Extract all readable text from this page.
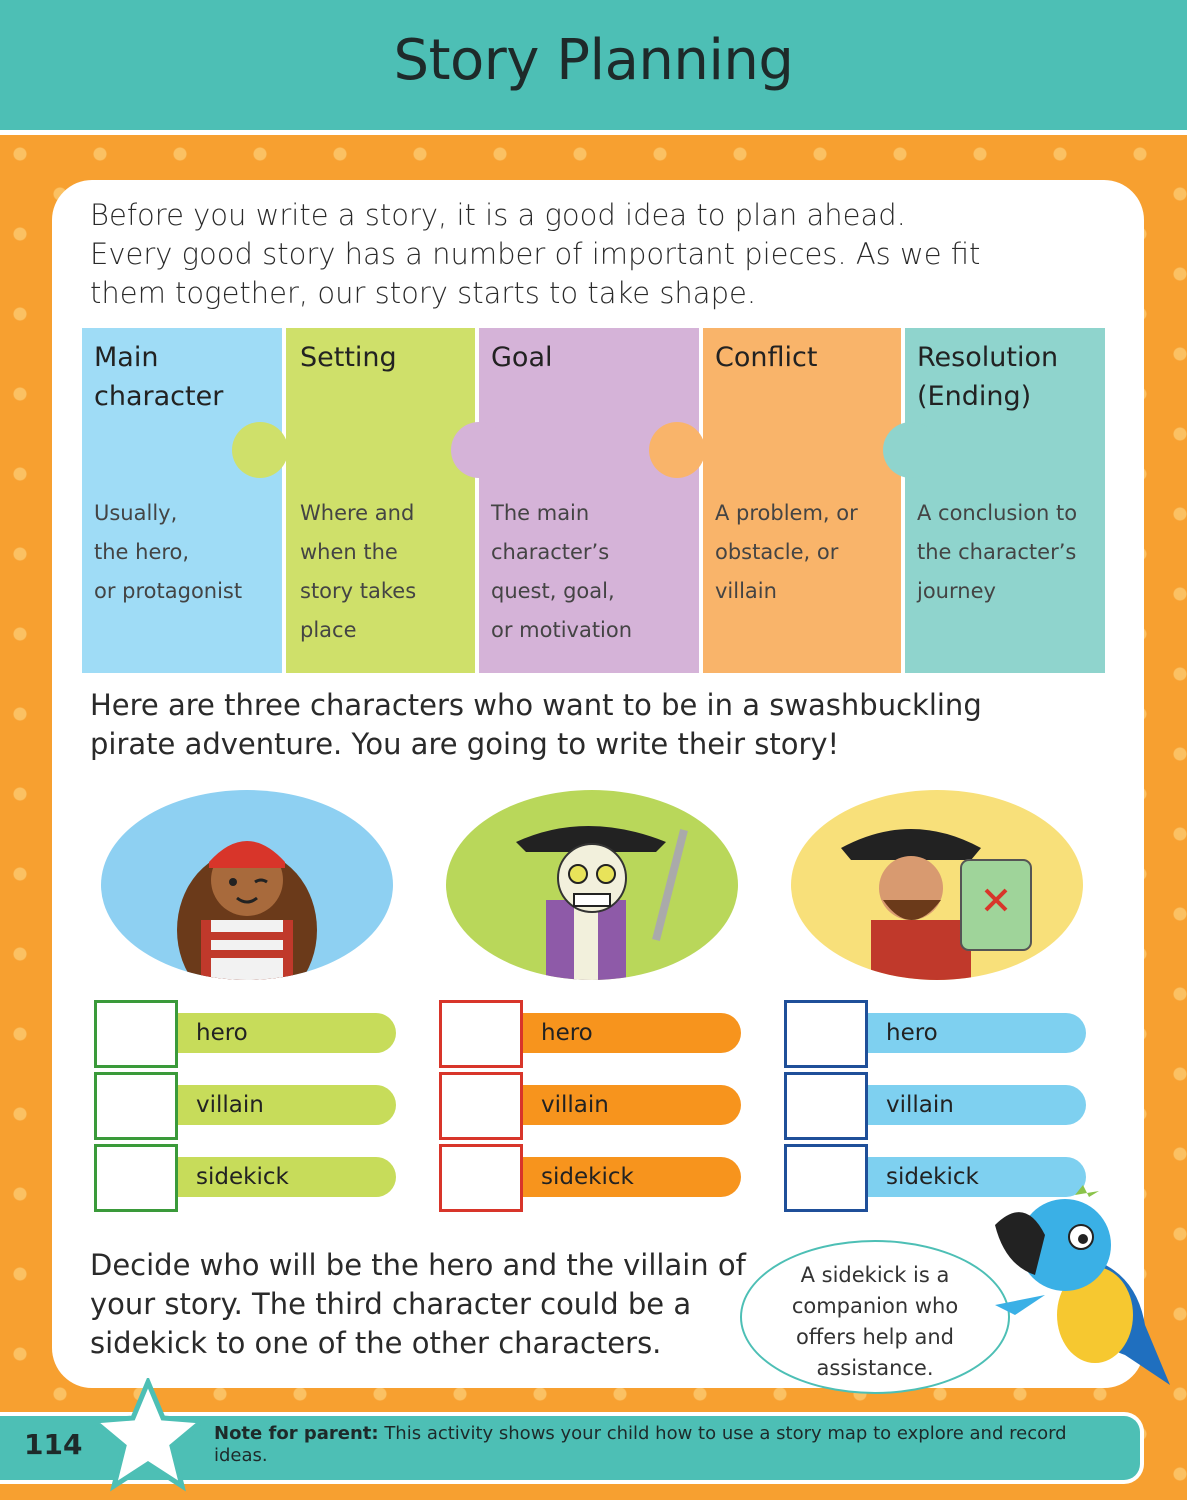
Story Planning
Before you write a story, it is a good idea to plan ahead.
Every good story has a number of important pieces. As we fit
them together, our story starts to take shape.
Main
character
Usually,
the hero,
or protagonist
Setting
Where and
when the
story takes
place
Goal
The main
character’s
quest, goal,
or motivation
Conflict
A problem, or
obstacle, or
villain
Resolution
(Ending)
A conclusion to
the character’s
journey
Here are three characters who want to be in a swashbuckling
pirate adventure. You are going to write their story!
hero
villain
sidekick
hero
villain
sidekick
hero
villain
sidekick
Decide who will be the hero and the villain of
your story. The third character could be a
sidekick to one of the other characters.

A sidekick is a
companion who
offers help and
assistance.

114	Note for parent: This activity shows your child how to use a story map to explore and record ideas.
